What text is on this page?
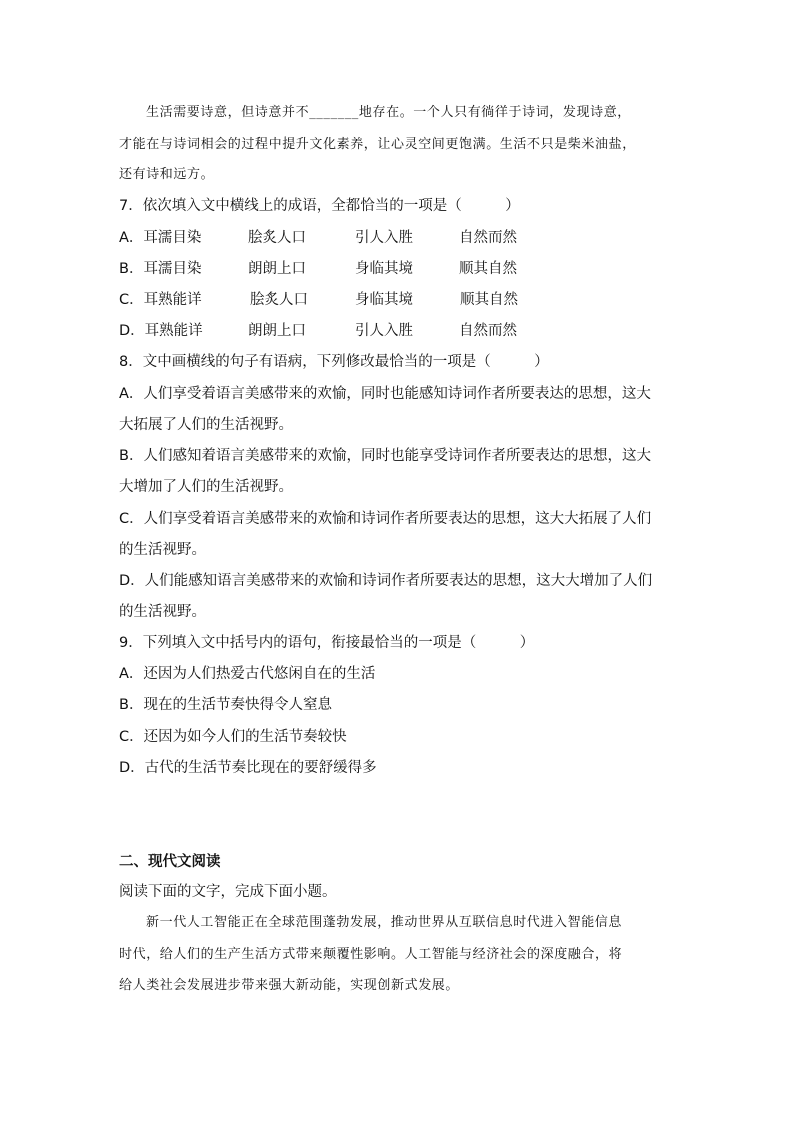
生活需要诗意，但诗意并不_______地存在。一个人只有徜徉于诗词，发现诗意，
才能在与诗词相会的过程中提升文化素养，让心灵空间更饱满。生活不只是柴米油盐，
还有诗和远方。
7．依次填入文中横线上的成语，全都恰当的一项是（　　　）
A．耳濡目染	脍炙人口	引人入胜	自然而然
B．耳濡目染	朗朗上口	身临其境	顺其自然
C．耳熟能详	脍炙人口	身临其境	顺其自然
D．耳熟能详	朗朗上口	引人入胜	自然而然
8．文中画横线的句子有语病，下列修改最恰当的一项是（　　　）
A．人们享受着语言美感带来的欢愉，同时也能感知诗词作者所要表达的思想，这大
大拓展了人们的生活视野。
B．人们感知着语言美感带来的欢愉，同时也能享受诗词作者所要表达的思想，这大
大增加了人们的生活视野。
C．人们享受着语言美感带来的欢愉和诗词作者所要表达的思想，这大大拓展了人们
的生活视野。
D．人们能感知语言美感带来的欢愉和诗词作者所要表达的思想，这大大增加了人们
的生活视野。
9．下列填入文中括号内的语句，衔接最恰当的一项是（　　　）
A．还因为人们热爱古代悠闲自在的生活
B．现在的生活节奏快得令人窒息
C．还因为如今人们的生活节奏较快
D．古代的生活节奏比现在的要舒缓得多
二、现代文阅读
阅读下面的文字，完成下面小题。
新一代人工智能正在全球范围蓬勃发展，推动世界从互联信息时代进入智能信息
时代，给人们的生产生活方式带来颠覆性影响。人工智能与经济社会的深度融合，将
给人类社会发展进步带来强大新动能，实现创新式发展。
